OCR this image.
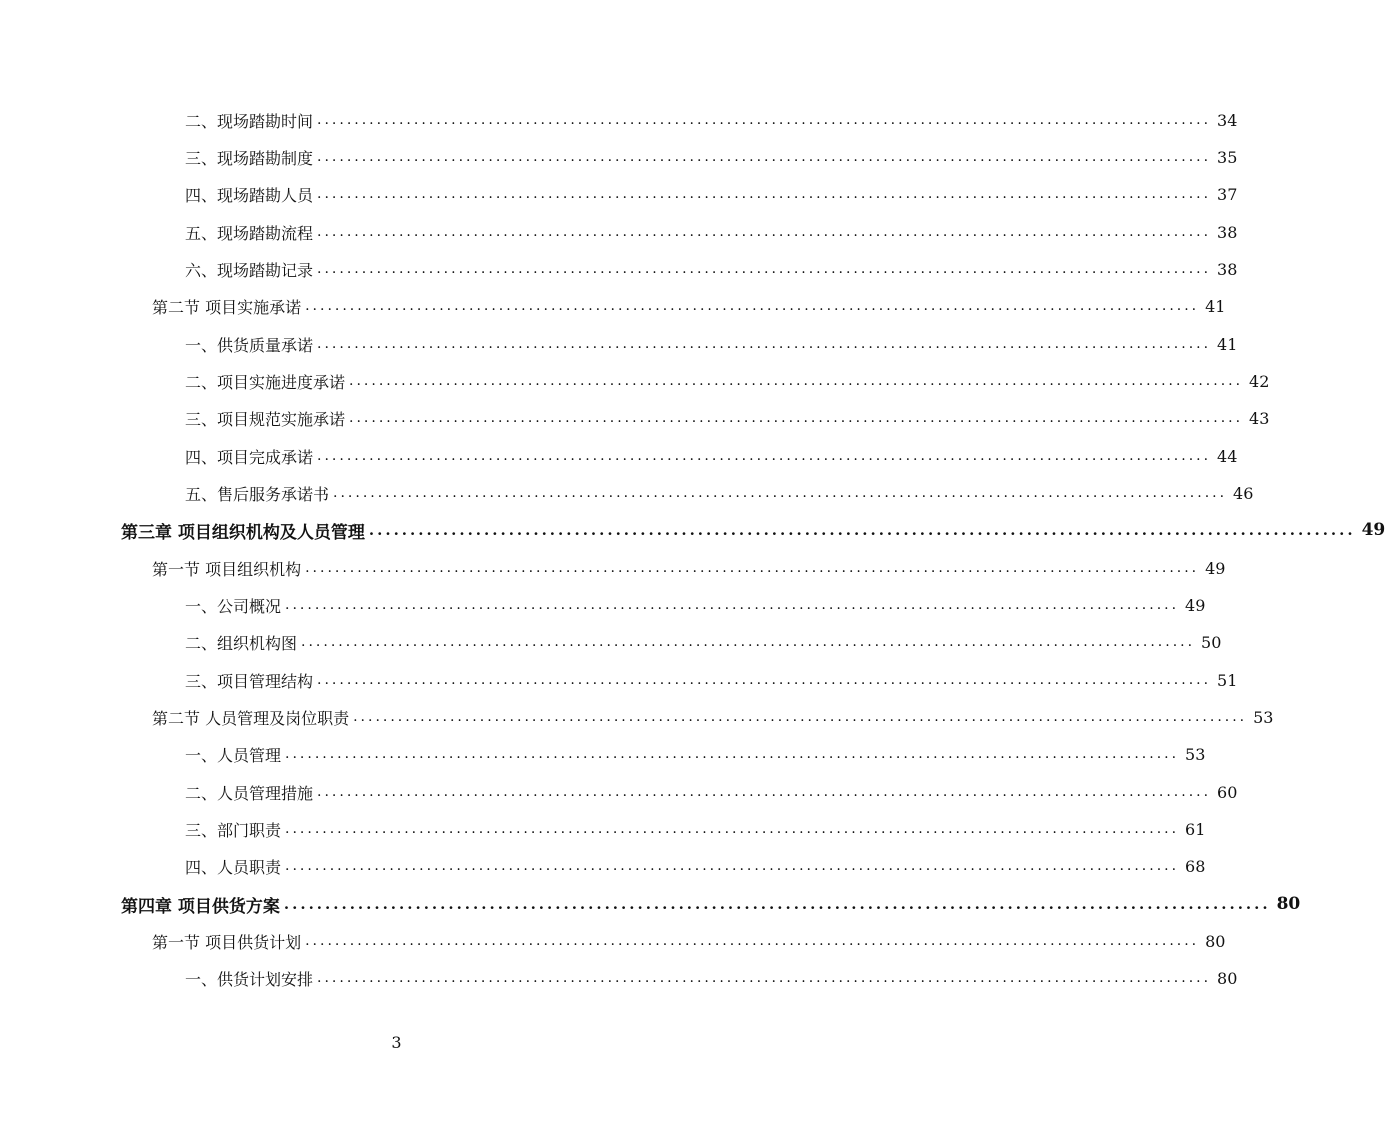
二、现场踏勘时间 ........................................................................................................................ 34
三、现场踏勘制度 ........................................................................................................................ 35
四、现场踏勘人员 ........................................................................................................................ 37
五、现场踏勘流程 ........................................................................................................................ 38
六、现场踏勘记录 ........................................................................................................................ 38
第二节 项目实施承诺 ........................................................................................................................ 41
一、供货质量承诺 ........................................................................................................................ 41
二、项目实施进度承诺 ........................................................................................................................ 42
三、项目规范实施承诺 ........................................................................................................................ 43
四、项目完成承诺 ........................................................................................................................ 44
五、售后服务承诺书 ........................................................................................................................ 46
第三章 项目组织机构及人员管理 ........................................................................................................................ 49
第一节 项目组织机构 ........................................................................................................................ 49
一、公司概况 ........................................................................................................................ 49
二、组织机构图 ........................................................................................................................ 50
三、项目管理结构 ........................................................................................................................ 51
第二节 人员管理及岗位职责 ........................................................................................................................ 53
一、人员管理 ........................................................................................................................ 53
二、人员管理措施 ........................................................................................................................ 60
三、部门职责 ........................................................................................................................ 61
四、人员职责 ........................................................................................................................ 68
第四章 项目供货方案 ........................................................................................................................ 80
第一节 项目供货计划 ........................................................................................................................ 80
一、供货计划安排 ........................................................................................................................ 80
3
